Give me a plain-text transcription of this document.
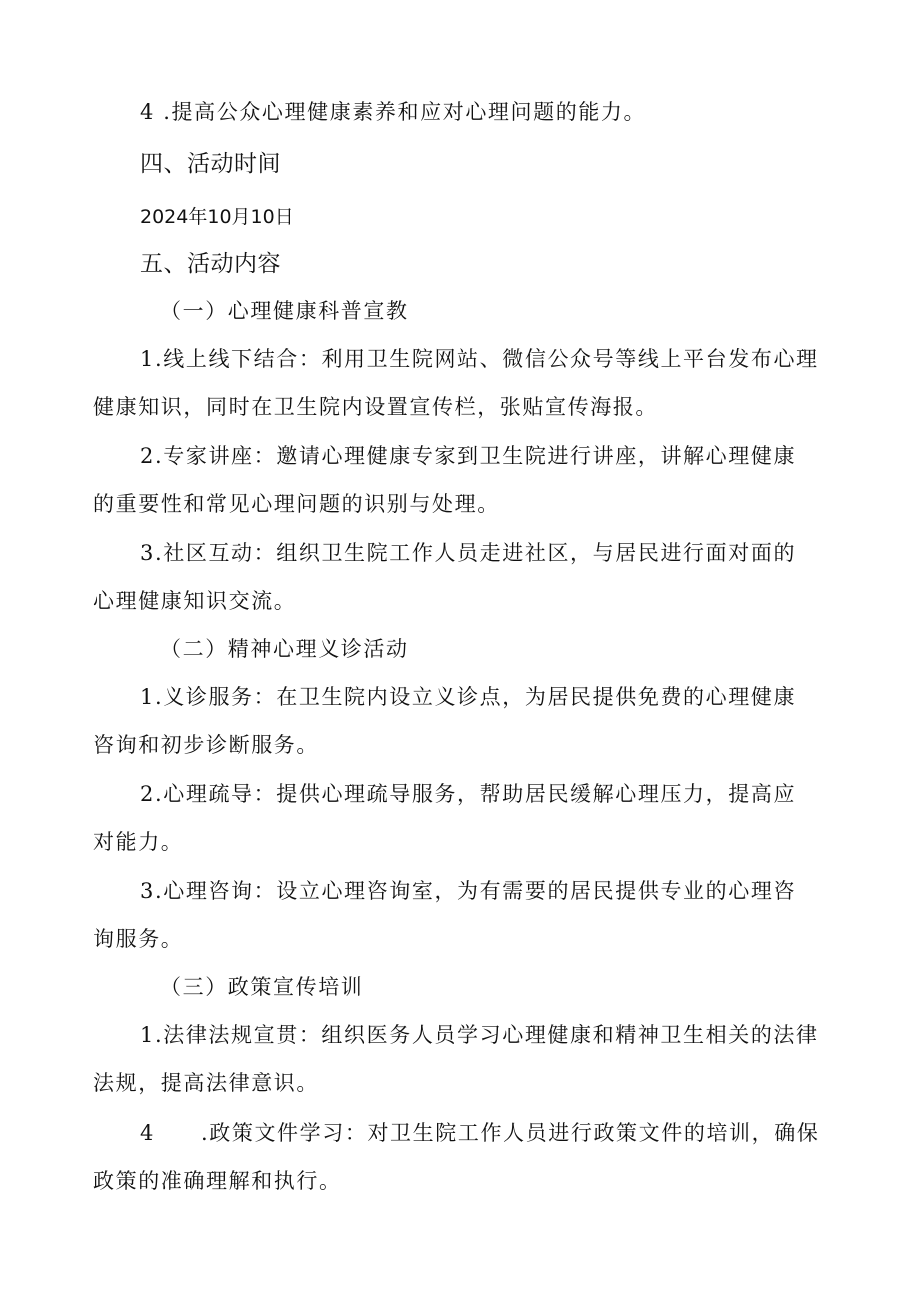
4 .提高公众心理健康素养和应对心理问题的能力。
四、活动时间
2024年10月10日
五、活动内容
（一）心理健康科普宣教
1.线上线下结合：利用卫生院网站、微信公众号等线上平台发布心理
健康知识，同时在卫生院内设置宣传栏，张贴宣传海报。
2.专家讲座：邀请心理健康专家到卫生院进行讲座，讲解心理健康
的重要性和常见心理问题的识别与处理。
3.社区互动：组织卫生院工作人员走进社区，与居民进行面对面的
心理健康知识交流。
（二）精神心理义诊活动
1.义诊服务：在卫生院内设立义诊点，为居民提供免费的心理健康
咨询和初步诊断服务。
2.心理疏导：提供心理疏导服务，帮助居民缓解心理压力，提高应
对能力。
3.心理咨询：设立心理咨询室，为有需要的居民提供专业的心理咨
询服务。
（三）政策宣传培训
1.法律法规宣贯：组织医务人员学习心理健康和精神卫生相关的法律
法规，提高法律意识。
4 .政策文件学习：对卫生院工作人员进行政策文件的培训，确保
政策的准确理解和执行。
